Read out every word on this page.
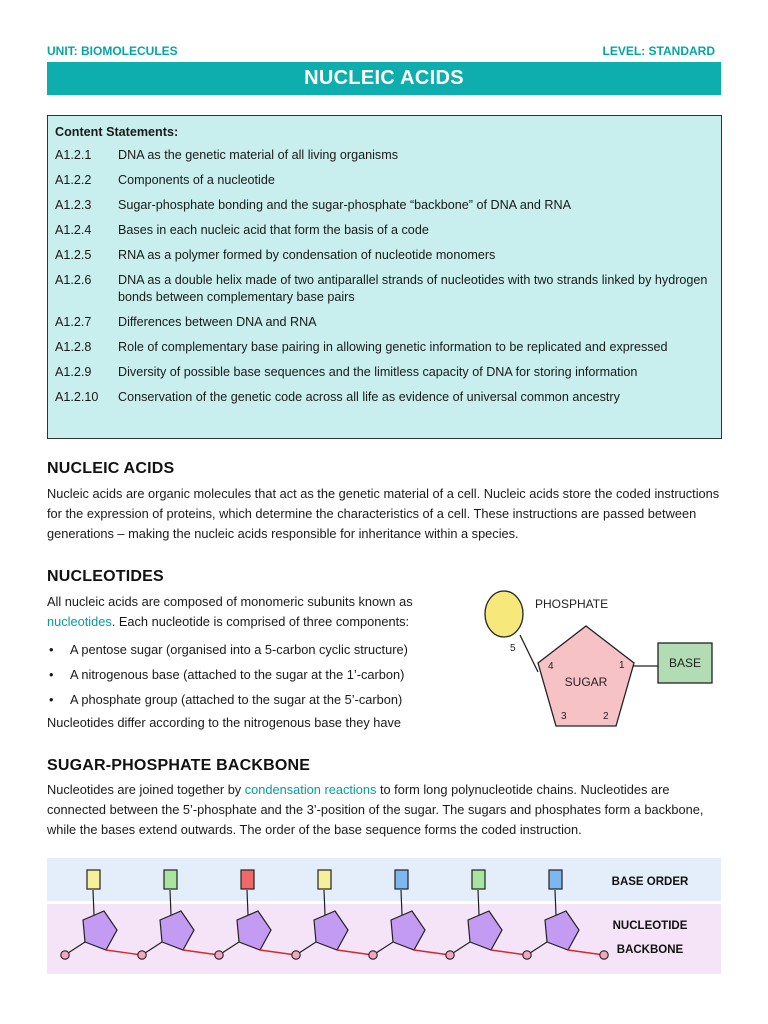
UNIT: BIOMOLECULES	LEVEL: STANDARD
NUCLEIC ACIDS
Content Statements:
A1.2.1	DNA as the genetic material of all living organisms
A1.2.2	Components of a nucleotide
A1.2.3	Sugar-phosphate bonding and the sugar-phosphate “backbone” of DNA and RNA
A1.2.4	Bases in each nucleic acid that form the basis of a code
A1.2.5	RNA as a polymer formed by condensation of nucleotide monomers
A1.2.6	DNA as a double helix made of two antiparallel strands of nucleotides with two strands linked by hydrogen bonds between complementary base pairs
A1.2.7	Differences between DNA and RNA
A1.2.8	Role of complementary base pairing in allowing genetic information to be replicated and expressed
A1.2.9	Diversity of possible base sequences and the limitless capacity of DNA for storing information
A1.2.10	Conservation of the genetic code across all life as evidence of universal common ancestry
NUCLEIC ACIDS
Nucleic acids are organic molecules that act as the genetic material of a cell. Nucleic acids store the coded instructions for the expression of proteins, which determine the characteristics of a cell. These instructions are passed between generations – making the nucleic acids responsible for inheritance within a species.
NUCLEOTIDES
All nucleic acids are composed of monomeric subunits known as
nucleotides. Each nucleotide is comprised of three components:
•	A pentose sugar (organised into a 5-carbon cyclic structure)
•	A nitrogenous base (attached to the sugar at the 1’-carbon)
•	A phosphate group (attached to the sugar at the 5’-carbon)
Nucleotides differ according to the nitrogenous base they have
PHOSPHATE
SUGAR
BASE
5
4	1
3	2
SUGAR-PHOSPHATE BACKBONE
Nucleotides are joined together by condensation reactions to form long polynucleotide chains. Nucleotides are connected between the 5’-phosphate and the 3’-position of the sugar. The sugars and phosphates form a backbone, while the bases extend outwards. The order of the base sequence forms the coded instruction.
BASE ORDER
NUCLEOTIDE
BACKBONE
